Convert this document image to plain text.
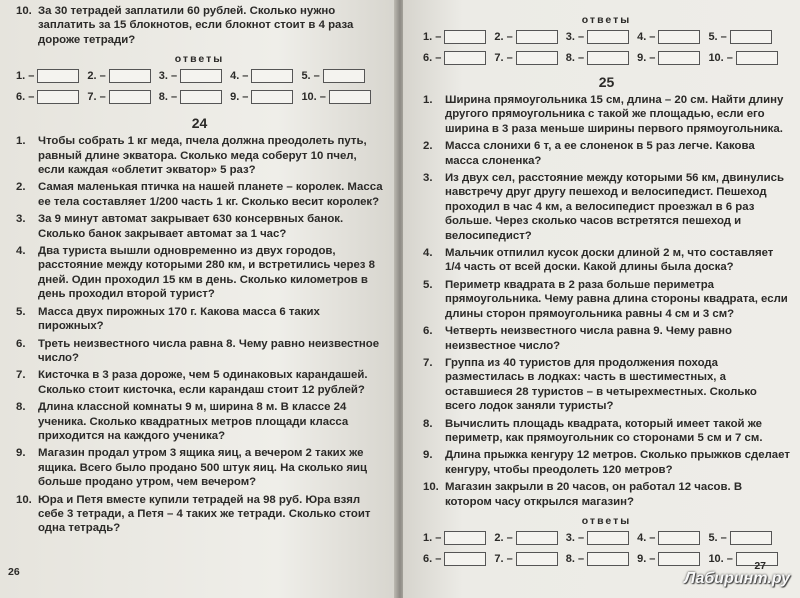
10. За 30 тетрадей заплатили 60 рублей. Сколько нужно заплатить за 15 блокнотов, если блокнот стоит в 4 раза дороже тетради?
ответы
1. –	2. –	3. –	4. –	5. –
6. –	7. –	8. –	9. –	10. –
24
1.	Чтобы собрать 1 кг меда, пчела должна преодолеть путь, равный длине экватора. Сколько меда соберут 10 пчел, если каждая «облетит экватор» 5 раз?
2.	Самая маленькая птичка на нашей планете – королек. Масса ее тела составляет 1/200 часть 1 кг. Сколько весит королек?
3.	За 9 минут автомат закрывает 630 консервных банок. Сколько банок закрывает автомат за 1 час?
4.	Два туриста вышли одновременно из двух городов, расстояние между которыми 280 км, и встретились через 8 дней. Один проходил 15 км в день. Сколько километров в день проходил второй турист?
5.	Масса двух пирожных 170 г. Какова масса 6 таких пирожных?
6.	Треть неизвестного числа равна 8. Чему равно неизвестное число?
7.	Кисточка в 3 раза дороже, чем 5 одинаковых карандашей. Сколько стоит кисточка, если карандаш стоит 12 рублей?
8.	Длина классной комнаты 9 м, ширина 8 м. В классе 24 ученика. Сколько квадратных метров площади класса приходится на каждого ученика?
9.	Магазин продал утром 3 ящика яиц, а вечером 2 таких же ящика. Всего было продано 500 штук яиц. На сколько яиц больше продано утром, чем вечером?
10. Юра и Петя вместе купили тетрадей на 98 руб. Юра взял себе 3 тетради, а Петя – 4 таких же тетради. Сколько стоит одна тетрадь?
26
ответы
1. –	2. –	3. –	4. –	5. –
6. –	7. –	8. –	9. –	10. –
25
1.	Ширина прямоугольника 15 см, длина – 20 см. Найти длину другого прямоугольника с такой же площадью, если его ширина в 3 раза меньше ширины первого прямоугольника.
2.	Масса слонихи 6 т, а ее слоненок в 5 раз легче. Какова масса слоненка?
3.	Из двух сел, расстояние между которыми 56 км, двинулись навстречу друг другу пешеход и велосипедист. Пешеход проходил в час 4 км, а велосипедист проезжал в 6 раз больше. Через сколько часов встретятся пешеход и велосипедист?
4.	Мальчик отпилил кусок доски длиной 2 м, что составляет 1/4 часть от всей доски. Какой длины была доска?
5.	Периметр квадрата в 2 раза больше периметра прямоугольника. Чему равна длина стороны квадрата, если длины сторон прямоугольника равны 4 см и 3 см?
6.	Четверть неизвестного числа равна 9. Чему равно неизвестное число?
7.	Группа из 40 туристов для продолжения похода разместилась в лодках: часть в шестиместных, а оставшиеся 28 туристов – в четырехместных. Сколько всего лодок заняли туристы?
8.	Вычислить площадь квадрата, который имеет такой же периметр, как прямоугольник со сторонами 5 см и 7 см.
9.	Длина прыжка кенгуру 12 метров. Сколько прыжков сделает кенгуру, чтобы преодолеть 120 метров?
10. Магазин закрыли в 20 часов, он работал 12 часов. В котором часу открылся магазин?
ответы
1. –	2. –	3. –	4. –	5. –
6. –	7. –	8. –	9. –	10. –
27
Лабиринт.ру
